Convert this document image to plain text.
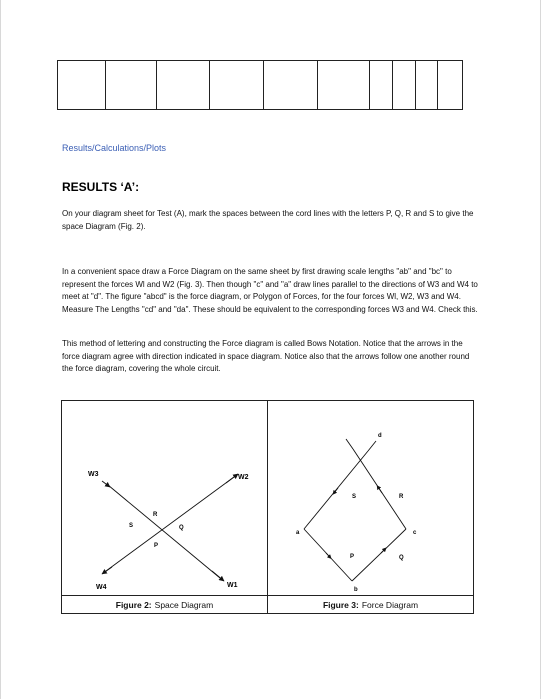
Results/Calculations/Plots
RESULTS ‘A’:

On your diagram sheet for Test (A), mark the spaces between the cord lines with the letters P, Q, R and S to give the space Diagram (Fig. 2).

In a convenient space draw a Force Diagram on the same sheet by first drawing scale lengths "ab" and "bc" to represent the forces Wl and W2 (Fig. 3). Then though "c" and "a" draw lines parallel to the directions of W3 and W4 to meet at "d". The figure "abcd" is the force diagram, or Polygon of Forces, for the four forces Wl, W2, W3 and W4. Measure The Lengths "cd" and "da". These should be equivalent to the corresponding forces W3 and W4. Check this.

This method of lettering and constructing the Force diagram is called Bows Notation. Notice that the arrows in the force diagram agree with direction indicated in space diagram. Notice also that the arrows follow one another round the force diagram, covering the whole circuit.

W3	W2
W4	W1
R
S	Q
P
d
a	c
b
S	R
P	Q
Figure 2: Space Diagram	Figure 3: Force Diagram
